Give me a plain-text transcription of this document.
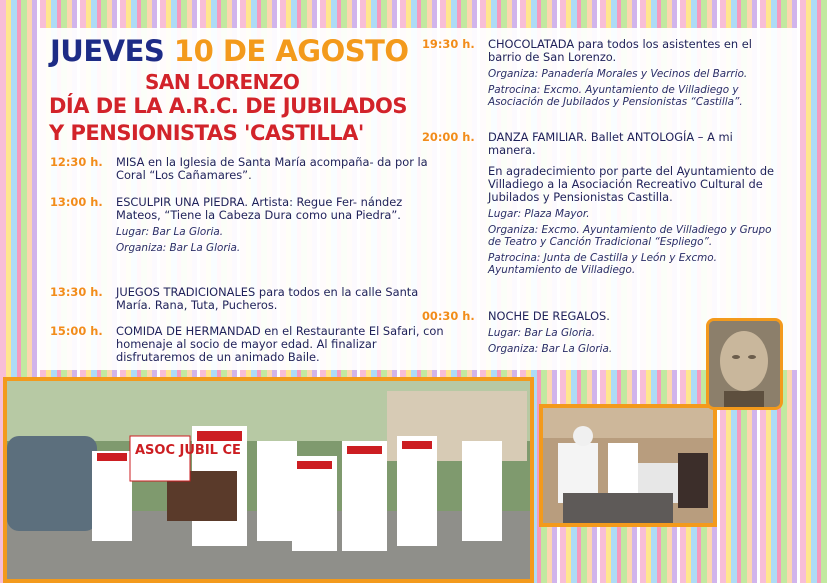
JUEVES 10 DE AGOSTO
SAN LORENZO
DÍA DE LA A.R.C. DE JUBILADOS
Y PENSIONISTAS 'CASTILLA'
12:30 h.	MISA en la Iglesia de Santa María acompaña- da por la Coral “Los Cañamares”.
13:00 h.	ESCULPIR UNA PIEDRA. Artista: Regue Fer- nández Mateos, “Tiene la Cabeza Dura como una Piedra”.
Lugar: Bar La Gloria.
Organiza: Bar La Gloria.
13:30 h.	JUEGOS TRADICIONALES para todos en la calle Santa María. Rana, Tuta, Pucheros.
15:00 h.	COMIDA DE HERMANDAD en el Restaurante El Safari, con homenaje al socio de mayor edad. Al finalizar disfrutaremos de un animado Baile.
19:30 h.	CHOCOLATADA para todos los asistentes en el barrio de San Lorenzo.
Organiza: Panadería Morales y Vecinos del Barrio.
Patrocina: Excmo. Ayuntamiento de Villadiego y Asociación de Jubilados y Pensionistas “Castilla”.
20:00 h.	DANZA FAMILIAR. Ballet ANTOLOGÍA – A mi manera.
En agradecimiento por parte del Ayuntamiento de Villadiego a la Asociación Recreativo Cultural de Jubilados y Pensionistas Castilla.
Lugar: Plaza Mayor.
Organiza: Excmo. Ayuntamiento de Villadiego y Grupo de Teatro y Canción Tradicional “Espliego”.
Patrocina: Junta de Castilla y León y Excmo. Ayuntamiento de Villadiego.
00:30 h.	NOCHE DE REGALOS.
Lugar: Bar La Gloria.
Organiza: Bar La Gloria.
ASOC JUBIL CE
